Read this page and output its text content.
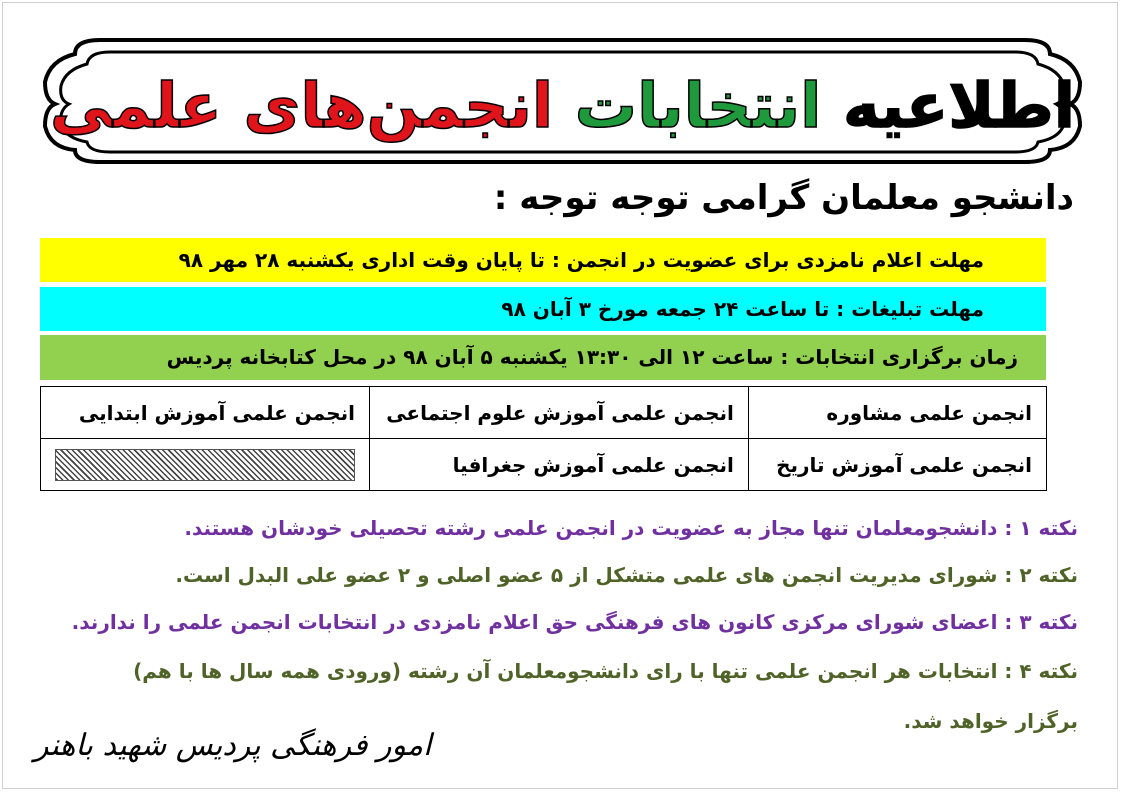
اطلاعیه انتخابات انجمن‌های علمی
دانشجو معلمان گرامی توجه توجه :
مهلت اعلام نامزدی برای عضویت در انجمن : تا پایان وقت اداری یکشنبه ۲۸ مهر ۹۸
مهلت تبلیغات : تا ساعت ۲۴ جمعه مورخ ۳ آبان ۹۸
زمان برگزاری انتخابات : ساعت ۱۲ الی ۱۳:۳۰ یکشنبه ۵ آبان ۹۸ در محل کتابخانه پردیس
انجمن علمی مشاوره	انجمن علمی آموزش علوم اجتماعی	انجمن علمی آموزش ابتدایی
انجمن علمی آموزش تاریخ	انجمن علمی آموزش جغرافیا	
نکته ۱ : دانشجومعلمان تنها مجاز به عضویت در انجمن علمی رشته تحصیلی خودشان هستند.
نکته ۲ : شورای مدیریت انجمن های علمی متشکل از ۵ عضو اصلی و ۲ عضو علی البدل است.
نکته ۳ : اعضای شورای مرکزی کانون های فرهنگی حق اعلام نامزدی در انتخابات انجمن علمی را ندارند.
نکته ۴ : انتخابات هر انجمن علمی تنها با رای دانشجومعلمان آن رشته (ورودی همه سال ها با هم) برگزار خواهد شد.
امور فرهنگی پردیس شهید باهنر
